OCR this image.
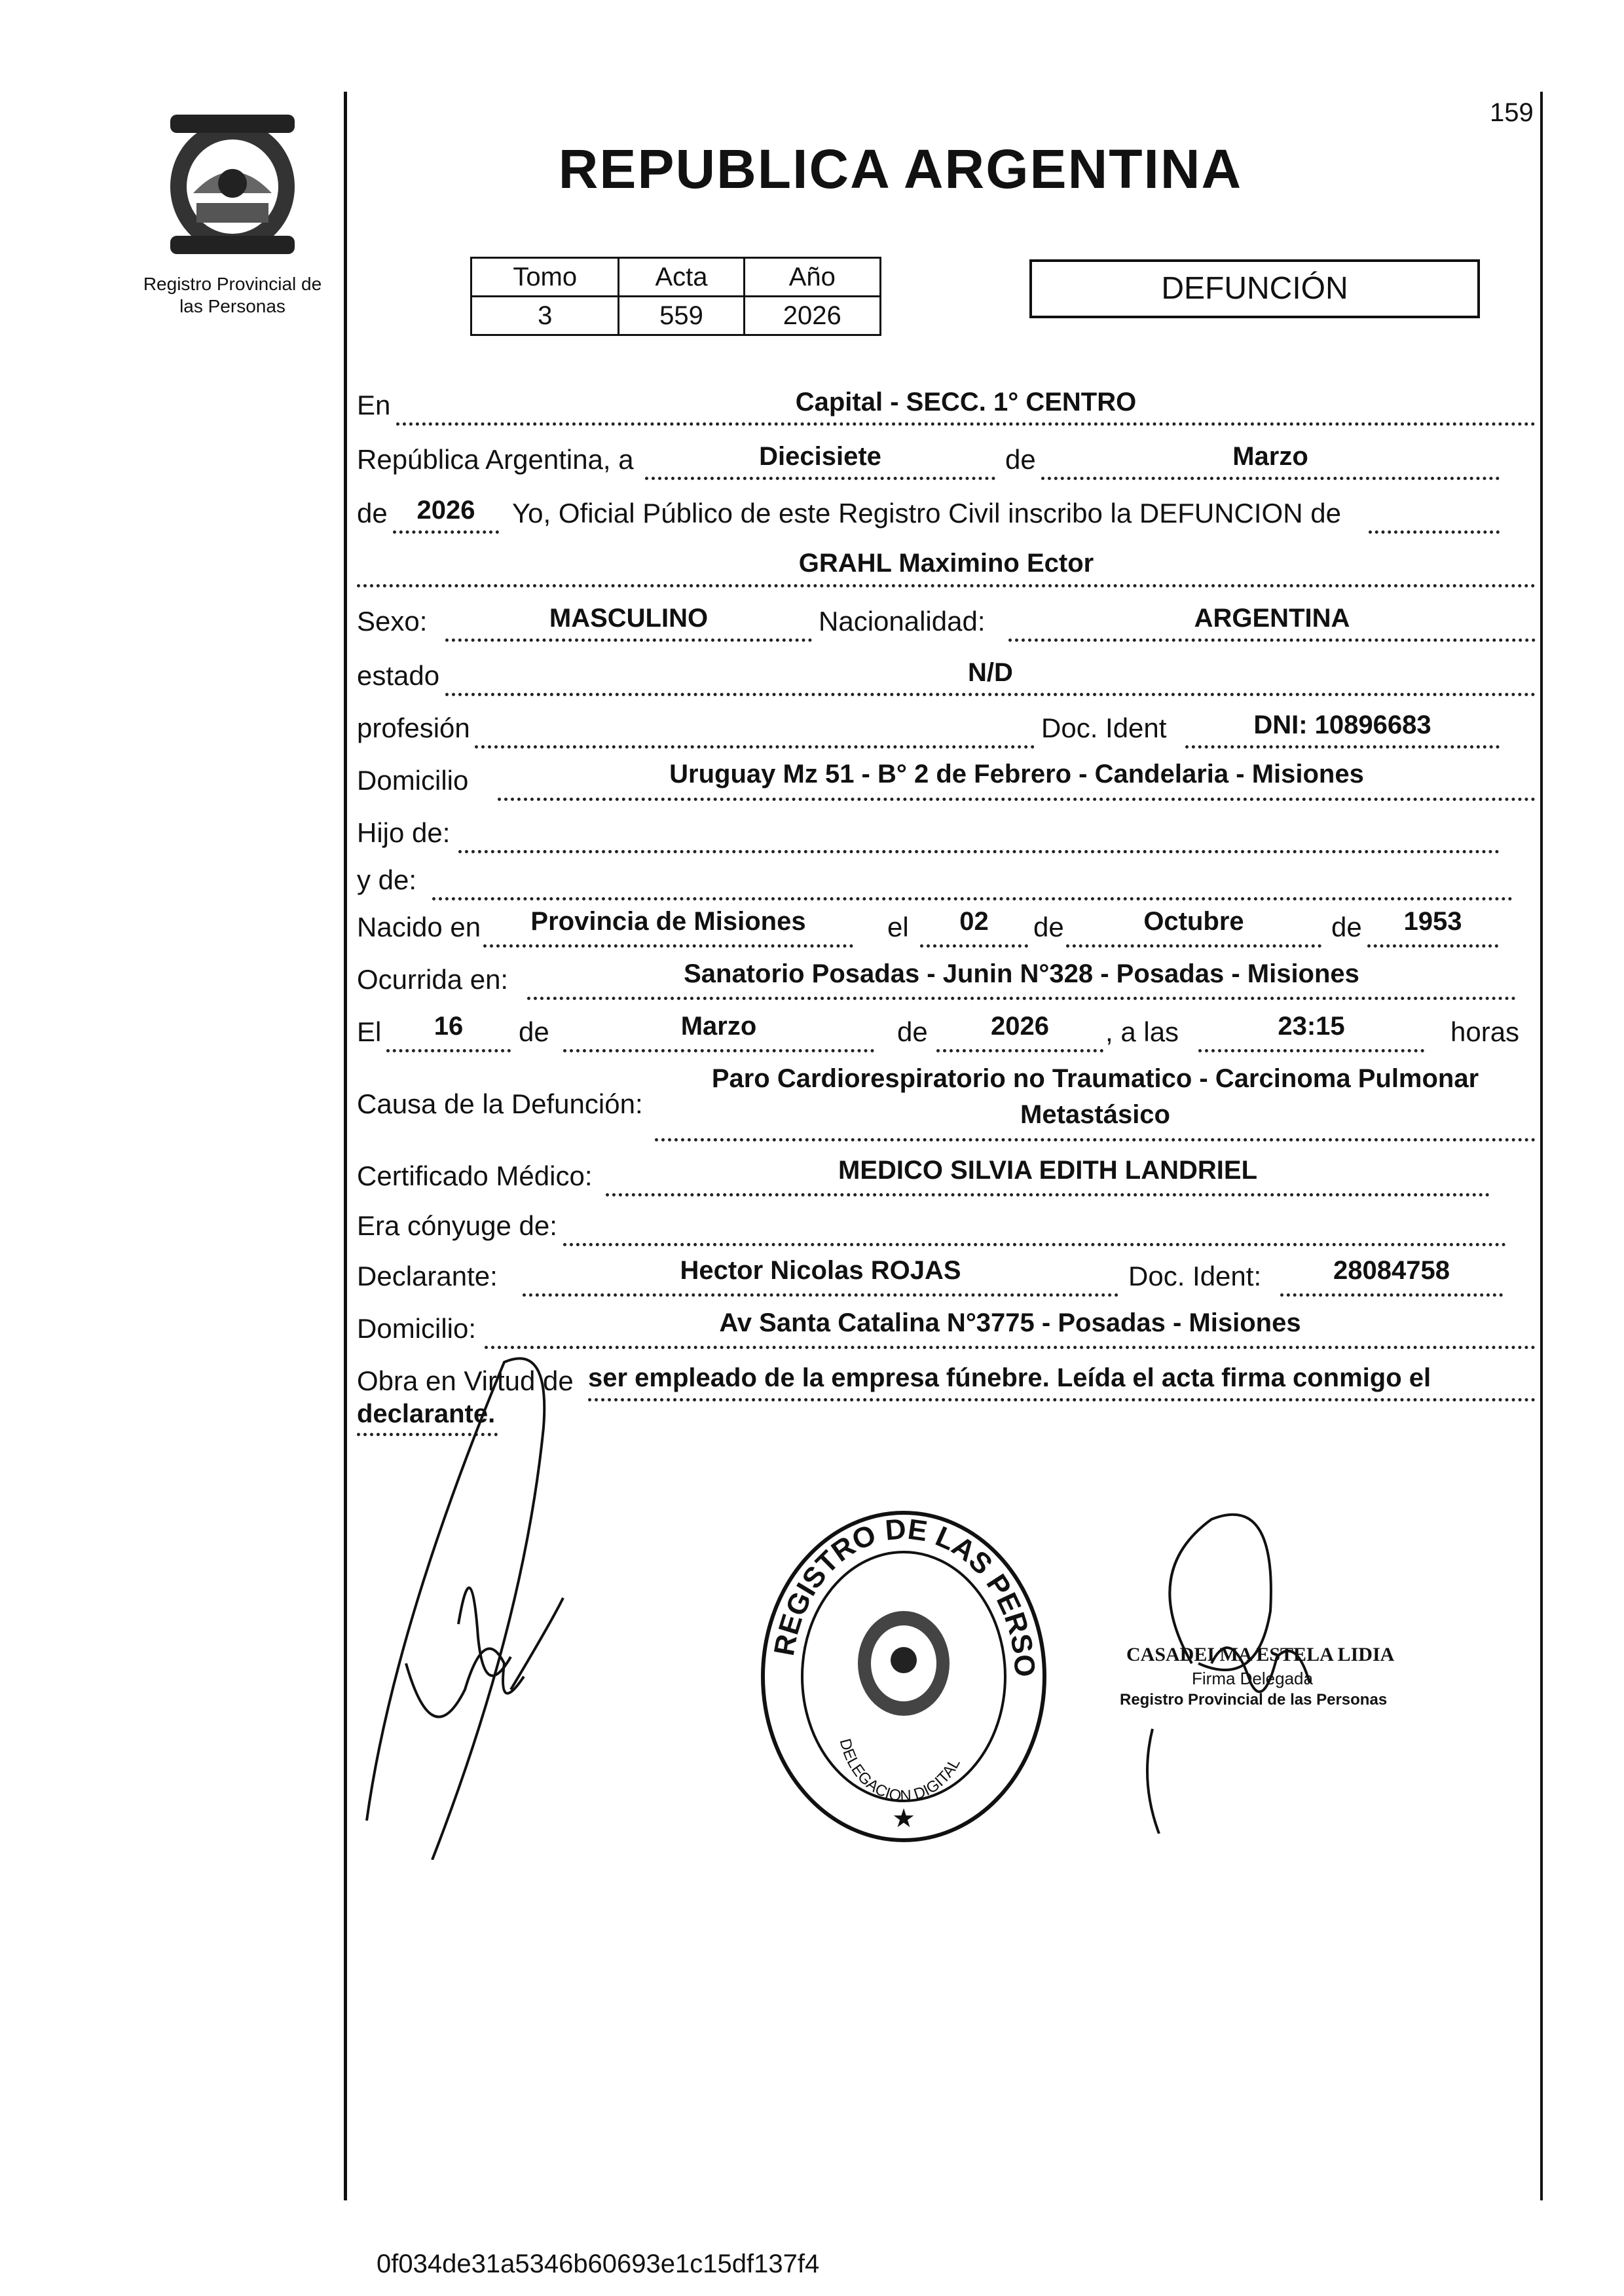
159
Registro Provincial de
las Personas
REPUBLICA ARGENTINA
Tomo	Acta	Año
3	559	2026
DEFUNCIÓN
En	Capital - SECC. 1° CENTRO
República Argentina, a	Diecisiete	de	Marzo
de	2026	Yo, Oficial Público de este Registro Civil inscribo la DEFUNCION de
GRAHL Maximino Ector
Sexo:	MASCULINO	Nacionalidad:	ARGENTINA
estado	N/D
profesión	Doc. Ident	DNI: 10896683
Domicilio	Uruguay Mz 51 - B° 2 de Febrero - Candelaria - Misiones
Hijo de:
y de:
Nacido en	Provincia de Misiones	el	02	de	Octubre	de	1953
Ocurrida en:	Sanatorio Posadas - Junin N°328 - Posadas - Misiones
El	16	de	Marzo	de	2026	, a las	23:15	horas
Causa de la Defunción:
Paro Cardiorespiratorio no Traumatico - Carcinoma Pulmonar
Metastásico
Certificado Médico:	MEDICO SILVIA EDITH LANDRIEL
Era cónyuge de:
Declarante:	Hector Nicolas ROJAS	Doc. Ident:	28084758
Domicilio:	Av Santa Catalina N°3775 - Posadas - Misiones
Obra en Virtud de ser empleado de la empresa fúnebre. Leída el acta firma conmigo el
declarante.
REGISTRO DE LAS PERSO
DELEGACION DIGITAL
★
CASADEI MA ESTELA LIDIA
Firma Delegada
Registro Provincial de las Personas
0f034de31a5346b60693e1c15df137f4
